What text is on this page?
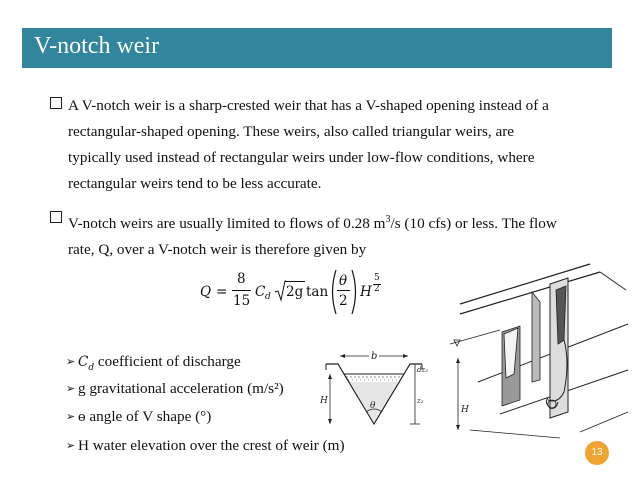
V-notch weir
A V-notch weir is a sharp-crested weir that has a V-shaped opening instead of a
rectangular-shaped opening. These weirs, also called triangular weirs, are
typically used instead of rectangular weirs under low-flow conditions, where
rectangular weirs tend to be less accurate.
V-notch weirs are usually limited to flows of 0.28 $m^3/s$ (10 cfs) or less. The flow
rate, Q, over a V-notch weir is therefore given by
Q =
8
15
C d 2g tan
θ
2
H
5
2
➢ $C_d$ coefficient of discharge
➢ g gravitational acceleration (m/s²)
➢ ɵ angle of V shape (°)
➢ H water elevation over the crest of weir (m)
b
θ
H
dz₂
z₂
H
13
